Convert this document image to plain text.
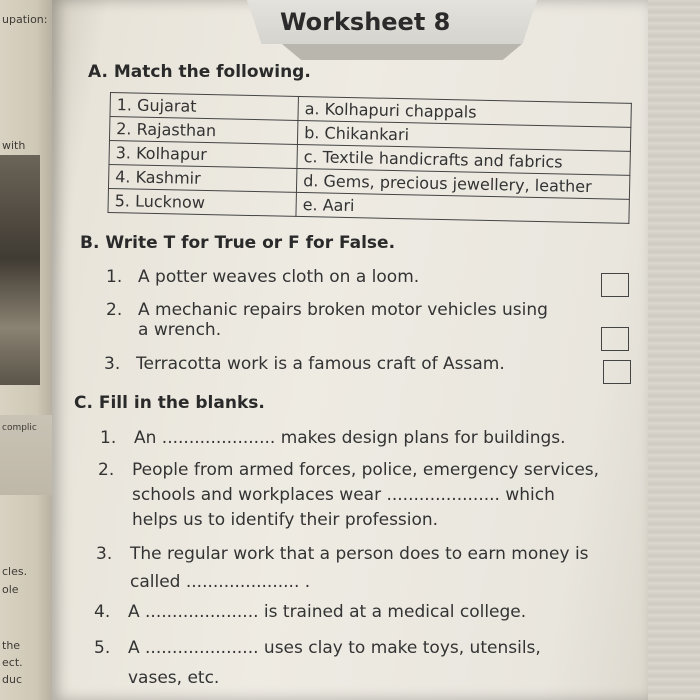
upation:
with
complic
cles.
ole
the
ect.
duc
Worksheet 8
A. Match the following.
1. Gujarat	a. Kolhapuri chappals
2. Rajasthan	b. Chikankari
3. Kolhapur	c. Textile handicrafts and fabrics
4. Kashmir	d. Gems, precious jewellery, leather
5. Lucknow	e. Aari
B. Write T for True or F for False.
1. A potter weaves cloth on a loom.
2. A mechanic repairs broken motor vehicles using
a wrench.
3. Terracotta work is a famous craft of Assam.
C. Fill in the blanks.
1. An ..................... makes design plans for buildings.
2. People from armed forces, police, emergency services,
schools and workplaces wear ..................... which
helps us to identify their profession.
3. The regular work that a person does to earn money is
called ..................... .
4. A ..................... is trained at a medical college.
5. A ..................... uses clay to make toys, utensils,
vases, etc.
